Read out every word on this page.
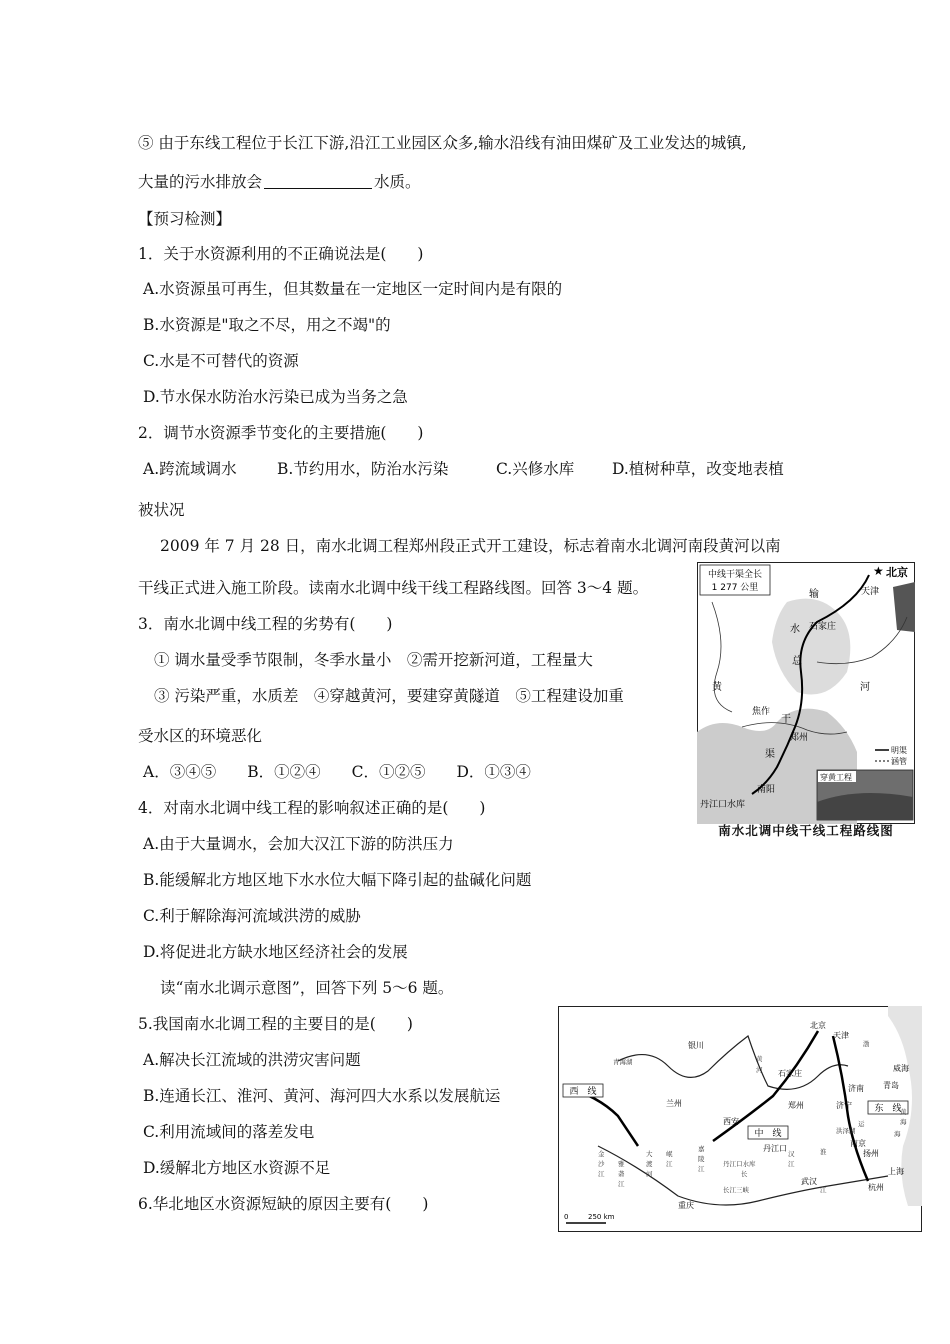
⑤ 由于东线工程位于长江下游,沿江工业园区众多,输水沿线有油田煤矿及工业发达的城镇,
大量的污水排放会	水质。
【预习检测】
1．关于水资源利用的不正确说法是(　　)
A.水资源虽可再生，但其数量在一定地区一定时间内是有限的
B.水资源是"取之不尽，用之不竭"的
C.水是不可替代的资源
D.节水保水防治水污染已成为当务之急
2．调节水资源季节变化的主要措施(　　)
A.跨流域调水	B.节约用水，防治水污染	C.兴修水库 D.植树种草，改变地表植
被状况
2009 年 7 月 28 日，南水北调工程郑州段正式开工建设，标志着南水北调河南段黄河以南
干线正式进入施工阶段。读南水北调中线干线工程路线图。回答 3～4 题。
3．南水北调中线工程的劣势有(　　)
① 调水量受季节限制，冬季水量小　②需开挖新河道，工程量大
③ 污染严重，水质差　④穿越黄河，要建穿黄隧道　⑤工程建设加重
受水区的环境恶化
A．③④⑤　　B．①②④　　C．①②⑤　　D．①③④
4．对南水北调中线工程的影响叙述正确的是(　　)
A.由于大量调水，会加大汉江下游的防洪压力
B.能缓解北方地区地下水水位大幅下降引起的盐碱化问题
C.利于解除海河流域洪涝的威胁
D.将促进北方缺水地区经济社会的发展
读“南水北调示意图”，回答下列 5～6 题。
5.我国南水北调工程的主要目的是(　　)
A.解决长江流域的洪涝灾害问题
B.连通长江、淮河、黄河、海河四大水系以发展航运
C.利用流域间的落差发电
D.缓解北方地区水资源不足
6.华北地区水资源短缺的原因主要有(　　)
中线干渠全长
1 277 公里
★ 北京
天津
石家庄
焦作
郑州
南阳
丹江口水库
输
水
总
干
渠
黄	河
明渠
涵管
穿黄工程
南水北调中线干线工程路线图
西　线
中　线
东　线
北京
天津
石家庄
济南
济宁
郑州
西安
兰州
银川
武汉
重庆
南京
扬州
上海
杭州
威海
青岛
丹江口
青海湖	黄
河
长
江
淮
海
金
沙
江
雅
砻
江
大
渡
河
岷
江
嘉
陵
江
汉
江
长江三峡
丹江口水库
洪泽湖
运
渤
黄
海
0	250 km
